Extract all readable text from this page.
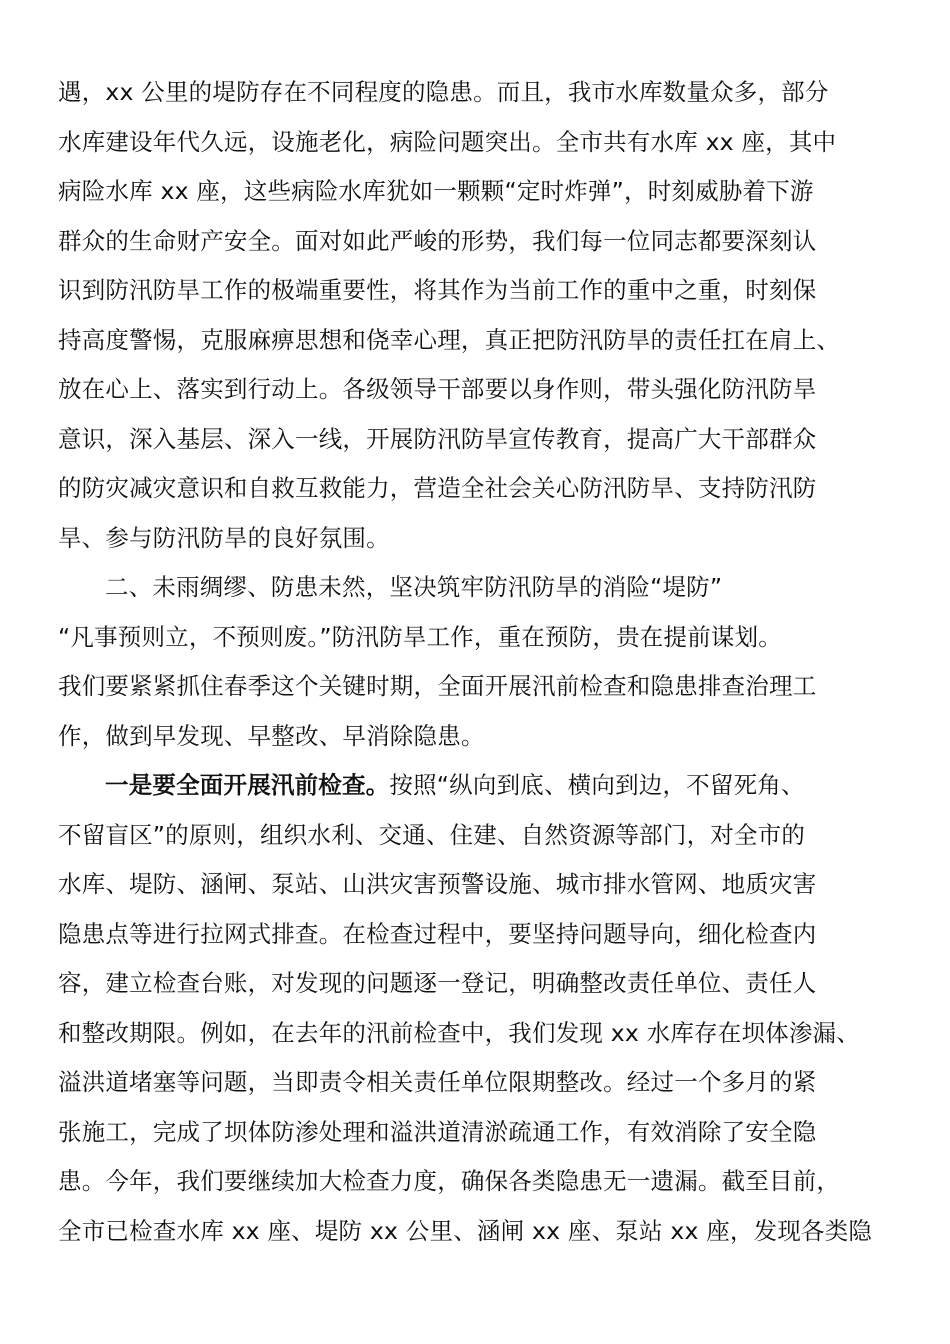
遇，xx 公里的堤防存在不同程度的隐患。而且，我市水库数量众多，部分
水库建设年代久远，设施老化，病险问题突出。全市共有水库 xx 座，其中
病险水库 xx 座，这些病险水库犹如一颗颗“定时炸弹”，时刻威胁着下游
群众的生命财产安全。面对如此严峻的形势，我们每一位同志都要深刻认
识到防汛防旱工作的极端重要性，将其作为当前工作的重中之重，时刻保
持高度警惕，克服麻痹思想和侥幸心理，真正把防汛防旱的责任扛在肩上、
放在心上、落实到行动上。各级领导干部要以身作则，带头强化防汛防旱
意识，深入基层、深入一线，开展防汛防旱宣传教育，提高广大干部群众
的防灾减灾意识和自救互救能力，营造全社会关心防汛防旱、支持防汛防
旱、参与防汛防旱的良好氛围。
二、未雨绸缪、防患未然，坚决筑牢防汛防旱的消险“堤防”
“凡事预则立，不预则废。”防汛防旱工作，重在预防，贵在提前谋划。
我们要紧紧抓住春季这个关键时期，全面开展汛前检查和隐患排查治理工
作，做到早发现、早整改、早消除隐患。
一是要全面开展汛前检查。按照“纵向到底、横向到边，不留死角、
不留盲区”的原则，组织水利、交通、住建、自然资源等部门，对全市的
水库、堤防、涵闸、泵站、山洪灾害预警设施、城市排水管网、地质灾害
隐患点等进行拉网式排查。在检查过程中，要坚持问题导向，细化检查内
容，建立检查台账，对发现的问题逐一登记，明确整改责任单位、责任人
和整改期限。例如，在去年的汛前检查中，我们发现 xx 水库存在坝体渗漏、
溢洪道堵塞等问题，当即责令相关责任单位限期整改。经过一个多月的紧
张施工，完成了坝体防渗处理和溢洪道清淤疏通工作，有效消除了安全隐
患。今年，我们要继续加大检查力度，确保各类隐患无一遗漏。截至目前，
全市已检查水库 xx 座、堤防 xx 公里、涵闸 xx 座、泵站 xx 座，发现各类隐
